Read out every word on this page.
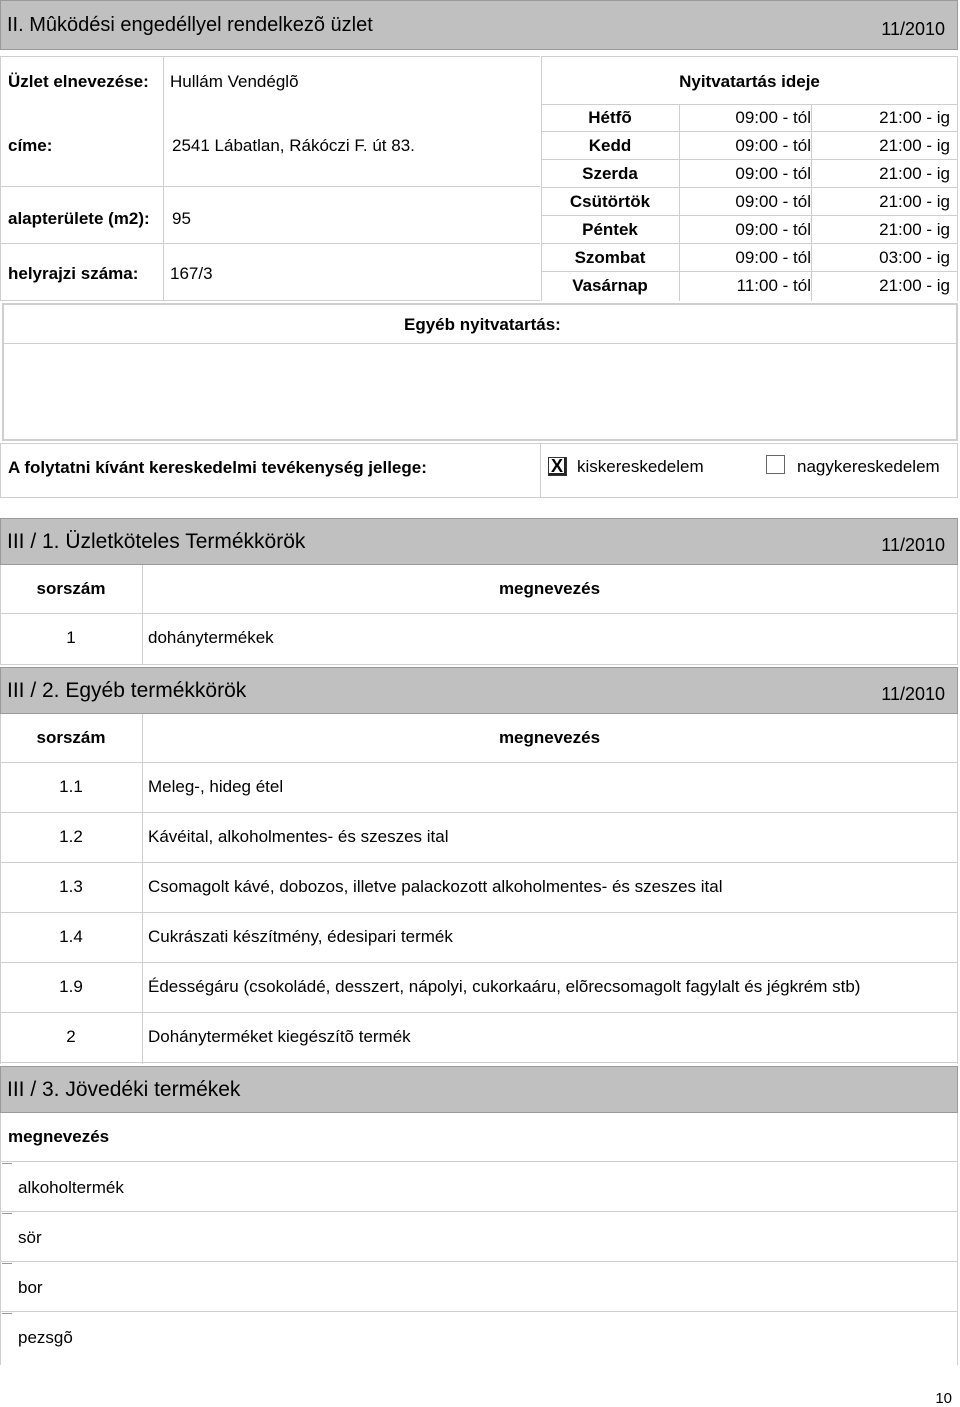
II. Mûködési engedéllyel rendelkezõ üzlet	11/2010
Üzlet elnevezése: Hullám Vendéglõ
címe:	2541 Lábatlan, Rákóczi F. út 83.
alapterülete (m2): 95
helyrajzi száma: 167/3
Nyitvatartás ideje
Hétfõ	09:00 - tól	21:00 - ig
Kedd	09:00 - tól	21:00 - ig
Szerda	09:00 - tól	21:00 - ig
Csütörtök	09:00 - tól	21:00 - ig
Péntek	09:00 - tól	21:00 - ig
Szombat	09:00 - tól	03:00 - ig
Vasárnap	11:00 - tól	21:00 - ig
Egyéb nyitvatartás:
A folytatni kívánt kereskedelmi tevékenység jellege:	X kiskereskedelem	nagykereskedelem
III / 1. Üzletköteles Termékkörök	11/2010
sorszám	megnevezés
1	dohánytermékek
III / 2. Egyéb termékkörök	11/2010
sorszám	megnevezés
1.1	Meleg-, hideg étel
1.2	Kávéital, alkoholmentes- és szeszes ital
1.3	Csomagolt kávé, dobozos, illetve palackozott alkoholmentes- és szeszes ital
1.4	Cukrászati készítmény, édesipari termék
1.9	Édességáru (csokoládé, desszert, nápolyi, cukorkaáru, elõrecsomagolt fagylalt és jégkrém stb)
2	Dohányterméket kiegészítõ termék
III / 3. Jövedéki termékek
megnevezés
alkoholtermék
sör
bor
pezsgõ
10
